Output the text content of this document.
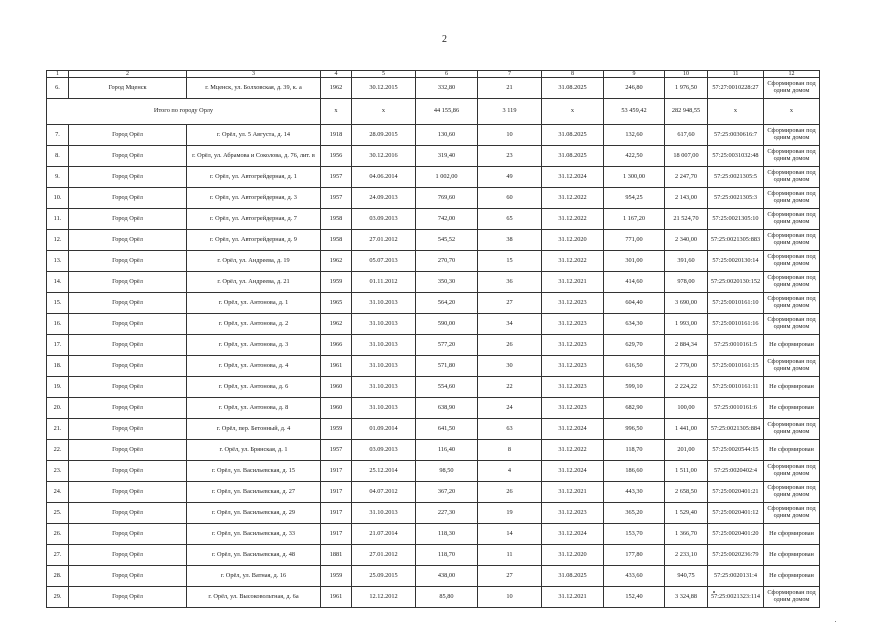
2
1	2	3	4	5	6	7	8	9	10	11	12
6.	Город Мценск	г. Мценск, ул. Болховская, д. 39, к. а	1962	30.12.2015	332,80	21	31.08.2025	246,80	1 976,50	57:27:0010228:27	Сформирован под одним домом
Итого по городу Орлу			x	x	44 155,86	3 119	x	53 459,42	282 948,55	x	x
7.	Город Орёл	г. Орёл, ул. 5 Августа, д. 14	1918	28.09.2015	130,60	10	31.08.2025	132,60	617,60	57:25:0030616:7	Сформирован под одним домом
8.	Город Орёл	г. Орёл, ул. Абрамова и Соколова, д. 76, лит. в	1956	30.12.2016	319,40	23	31.08.2025	422,50	18 007,00	57:25:0031032:48	Сформирован под одним домом
9.	Город Орёл	г. Орёл, ул. Автогрейдерная, д. 1	1957	04.06.2014	1 002,00	49	31.12.2024	1 300,00	2 247,70	57:25:0021305:5	Сформирован под одним домом
10.	Город Орёл	г. Орёл, ул. Автогрейдерная, д. 3	1957	24.09.2013	769,60	60	31.12.2022	954,25	2 143,00	57:25:0021305:3	Сформирован под одним домом
11.	Город Орёл	г. Орёл, ул. Автогрейдерная, д. 7	1958	03.09.2013	742,00	65	31.12.2022	1 167,20	21 524,70	57:25:0021305:10	Сформирован под одним домом
12.	Город Орёл	г. Орёл, ул. Автогрейдерная, д. 9	1958	27.01.2012	545,52	38	31.12.2020	771,00	2 340,00	57:25:0021305:883	Сформирован под одним домом
13.	Город Орёл	г. Орёл, ул. Андреева, д. 19	1962	05.07.2013	270,70	15	31.12.2022	301,00	391,60	57:25:0020130:14	Сформирован под одним домом
14.	Город Орёл	г. Орёл, ул. Андреева, д. 21	1959	01.11.2012	350,30	36	31.12.2021	414,60	978,00	57:25:0020130:152	Сформирован под одним домом
15.	Город Орёл	г. Орёл, ул. Антонова, д. 1	1965	31.10.2013	564,20	27	31.12.2023	604,40	3 690,00	57:25:0010161:10	Сформирован под одним домом
16.	Город Орёл	г. Орёл, ул. Антонова, д. 2	1962	31.10.2013	590,00	34	31.12.2023	634,30	1 993,00	57:25:0010161:16	Сформирован под одним домом
17.	Город Орёл	г. Орёл, ул. Антонова, д. 3	1966	31.10.2013	577,20	26	31.12.2023	629,70	2 884,34	57:25:0010161:5	Не сформирован
18.	Город Орёл	г. Орёл, ул. Антонова, д. 4	1961	31.10.2013	571,80	30	31.12.2023	616,50	2 779,00	57:25:0010161:15	Сформирован под одним домом
19.	Город Орёл	г. Орёл, ул. Антонова, д. 6	1960	31.10.2013	554,60	22	31.12.2023	599,10	2 224,22	57:25:0010161:11	Не сформирован
20.	Город Орёл	г. Орёл, ул. Антонова, д. 8	1960	31.10.2013	638,90	24	31.12.2023	682,90	100,00	57:25:0010161:6	Не сформирован
21.	Город Орёл	г. Орёл, пер. Бетонный, д. 4	1959	01.09.2014	641,50	63	31.12.2024	996,50	1 441,00	57:25:0021305:884	Сформирован под одним домом
22.	Город Орёл	г. Орёл, ул. Брянская, д. 1	1957	03.09.2013	116,40	8	31.12.2022	118,70	201,00	57:25:0020544:15	Не сформирован
23.	Город Орёл	г. Орёл, ул. Васильевская, д. 15	1917	25.12.2014	98,50	4	31.12.2024	186,60	1 511,00	57:25:0020402:4	Сформирован под одним домом
24.	Город Орёл	г. Орёл, ул. Васильевская, д. 27	1917	04.07.2012	367,20	26	31.12.2021	443,30	2 658,50	57:25:0020401:21	Сформирован под одним домом
25.	Город Орёл	г. Орёл, ул. Васильевская, д. 29	1917	31.10.2013	227,30	19	31.12.2023	365,20	1 529,40	57:25:0020401:12	Сформирован под одним домом
26.	Город Орёл	г. Орёл, ул. Васильевская, д. 33	1917	21.07.2014	118,30	14	31.12.2024	153,70	1 366,70	57:25:0020401:20	Не сформирован
27.	Город Орёл	г. Орёл, ул. Васильевская, д. 48	1881	27.01.2012	118,70	11	31.12.2020	177,80	2 233,10	57:25:0020236:79	Не сформирован
28.	Город Орёл	г. Орёл, ул. Ватная, д. 16	1959	25.09.2015	438,00	27	31.08.2025	433,60	940,75	57:25:0020131:4	Не сформирован
29.	Город Орёл	г. Орёл, ул. Высоковольтная, д. 6а	1961	12.12.2012	85,80	10	31.12.2021	152,40	3 324,88	57:25:0021323:114	Сформирован под одним домом
